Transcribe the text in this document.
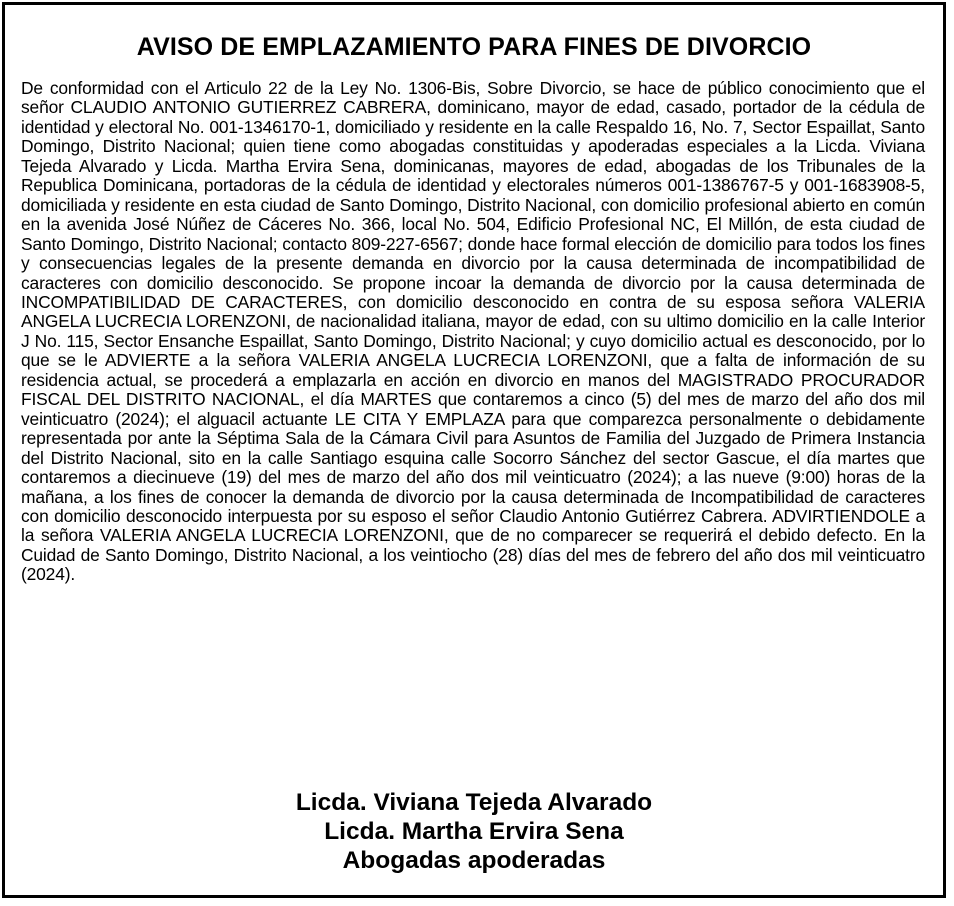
AVISO DE EMPLAZAMIENTO PARA FINES DE DIVORCIO

De conformidad con el Articulo 22 de la Ley No. 1306-Bis, Sobre Divorcio, se hace de público conocimiento que el señor CLAUDIO ANTONIO GUTIERREZ CABRERA, dominicano, mayor de edad, casado, portador de la cédula de identidad y electoral No. 001-1346170-1, domiciliado y residente en la calle Respaldo 16, No. 7, Sector Espaillat, Santo Domingo, Distrito Nacional; quien tiene como abogadas constituidas y apoderadas especiales a la Licda. Viviana Tejeda Alvarado y Licda. Martha Ervira Sena, dominicanas, mayores de edad, abogadas de los Tribunales de la Republica Dominicana, portadoras de la cédula de identidad y electorales números 001-1386767-5 y 001-1683908-5, domiciliada y residente en esta ciudad de Santo Domingo, Distrito Nacional, con domicilio profesional abierto en común en la avenida José Núñez de Cáceres No. 366, local No. 504, Edificio Profesional NC, El Millón, de esta ciudad de Santo Domingo, Distrito Nacional; contacto 809-227-6567; donde hace formal elección de domicilio para todos los fines y consecuencias legales de la presente demanda en divorcio por la causa determinada de incompatibilidad de caracteres con domicilio desconocido. Se propone incoar la demanda de divorcio por la causa determinada de INCOMPATIBILIDAD DE CARACTERES, con domicilio desconocido en contra de su esposa señora VALERIA ANGELA LUCRECIA LORENZONI, de nacionalidad italiana, mayor de edad, con su ultimo domicilio en la calle Interior J No. 115, Sector Ensanche Espaillat, Santo Domingo, Distrito Nacional; y cuyo domicilio actual es desconocido, por lo que se le ADVIERTE a la señora VALERIA ANGELA LUCRECIA LORENZONI, que a falta de información de su residencia actual, se procederá a emplazarla en acción en divorcio en manos del MAGISTRADO PROCURADOR FISCAL DEL DISTRITO NACIONAL, el día MARTES que contaremos a cinco (5) del mes de marzo del año dos mil veinticuatro (2024); el alguacil actuante LE CITA Y EMPLAZA para que comparezca personalmente o debidamente representada por ante la Séptima Sala de la Cámara Civil para Asuntos de Familia del Juzgado de Primera Instancia del Distrito Nacional, sito en la calle Santiago esquina calle Socorro Sánchez del sector Gascue, el día martes que contaremos a diecinueve (19) del mes de marzo del año dos mil veinticuatro (2024); a las nueve (9:00) horas de la mañana, a los fines de conocer la demanda de divorcio por la causa determinada de Incompatibilidad de caracteres con domicilio desconocido interpuesta por su esposo el señor Claudio Antonio Gutiérrez Cabrera. ADVIRTIENDOLE a la señora VALERIA ANGELA LUCRECIA LORENZONI, que de no comparecer se requerirá el debido defecto. En la Cuidad de Santo Domingo, Distrito Nacional, a los veintiocho (28) días del mes de febrero del año dos mil veinticuatro (2024).

Licda. Viviana Tejeda Alvarado
Licda. Martha Ervira Sena
Abogadas apoderadas
